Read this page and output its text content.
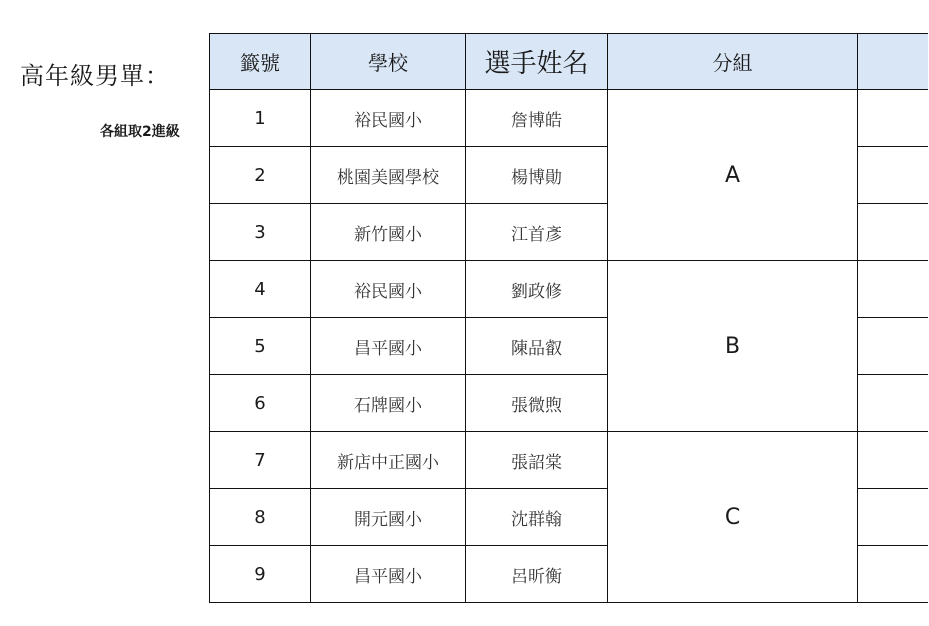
高年級男單：
各組取2進級
籤號	學校	選手姓名	分組	
1	裕民國小	詹博皓	A	
2	桃園美國學校	楊博勛		
3	新竹國小	江首彥		
4	裕民國小	劉政修	B	
5	昌平國小	陳品叡		
6	石牌國小	張微煦		
7	新店中正國小	張詔棠	C	
8	開元國小	沈群翰		
9	昌平國小	呂昕衡		
